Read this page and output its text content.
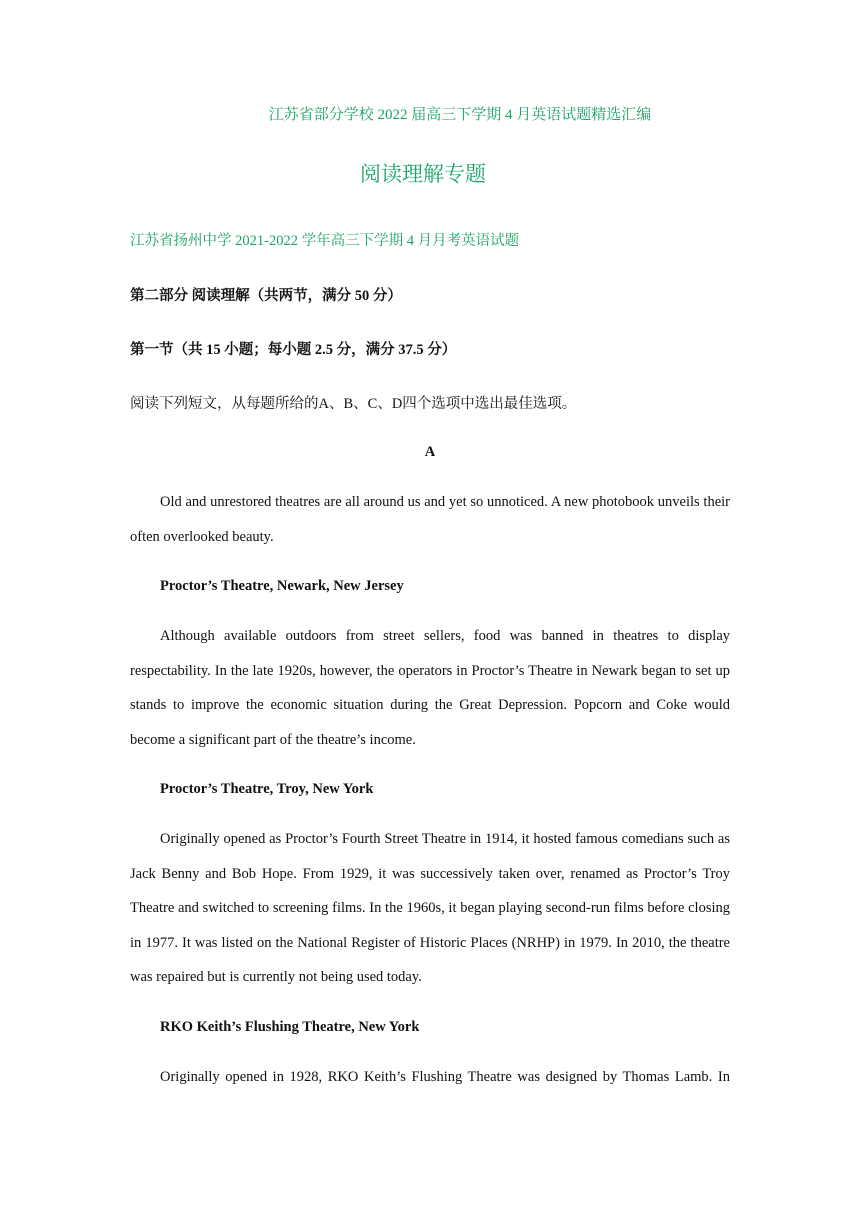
江苏省部分学校 2022 届高三下学期 4 月英语试题精选汇编
阅读理解专题
江苏省扬州中学 2021-2022 学年高三下学期 4 月月考英语试题
第二部分 阅读理解（共两节，满分 50 分）
第一节（共 15 小题；每小题 2.5 分，满分 37.5 分）
阅读下列短文，从每题所给的A、B、C、D四个选项中选出最佳选项。
A

Old and unrestored theatres are all around us and yet so unnoticed. A new photobook unveils their often overlooked beauty.

Proctor’s Theatre, Newark, New Jersey

Although available outdoors from street sellers, food was banned in theatres to display respectability. In the late 1920s, however, the operators in Proctor’s Theatre in Newark began to set up stands to improve the economic situation during the Great Depression. Popcorn and Coke would become a significant part of the theatre’s income.

Proctor’s Theatre, Troy, New York

Originally opened as Proctor’s Fourth Street Theatre in 1914, it hosted famous comedians such as Jack Benny and Bob Hope. From 1929, it was successively taken over, renamed as Proctor’s Troy Theatre and switched to screening films. In the 1960s, it began playing second-run films before closing in 1977. It was listed on the National Register of Historic Places (NRHP) in 1979. In 2010, the theatre was repaired but is currently not being used today.

RKO Keith’s Flushing Theatre, New York

Originally opened in 1928, RKO Keith’s Flushing Theatre was designed by Thomas Lamb. In
